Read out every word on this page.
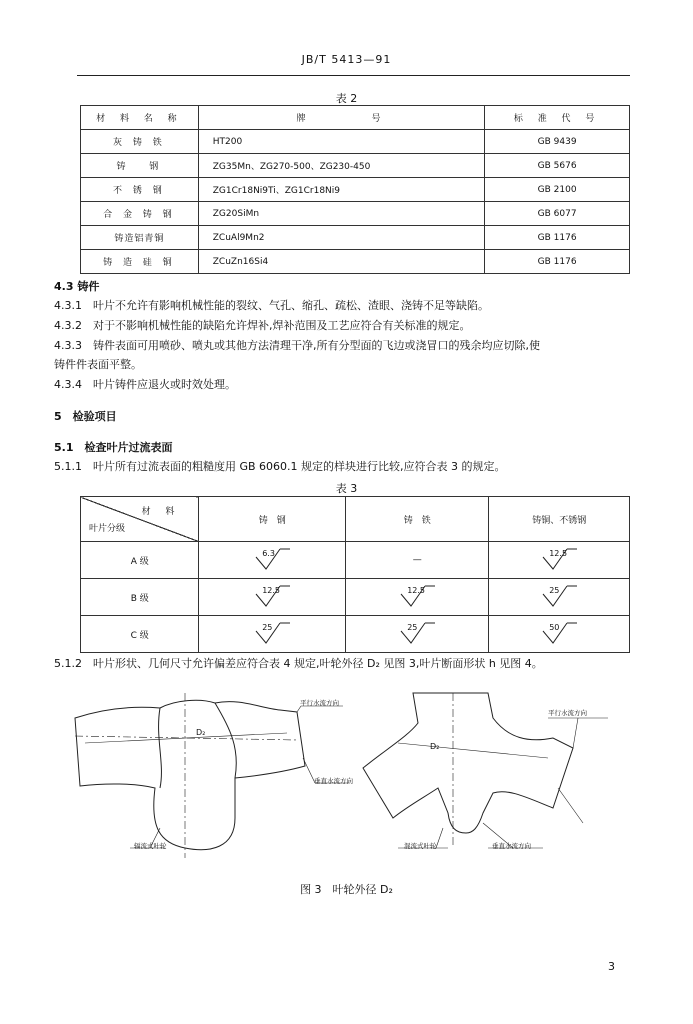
JB/T 5413—91
表 2
材 料 名 称	牌　　　　号	标 准 代 号
灰 铸 铁	HT200	GB 9439
铸　 钢	ZG35Mn、ZG270-500、ZG230-450	GB 5676
不 锈 钢	ZG1Cr18Ni9Ti、ZG1Cr18Ni9	GB 2100
合 金 铸 钢	ZG20SiMn	GB 6077
铸造铝青铜	ZCuAl9Mn2	GB 1176
铸 造 硅 铜	ZCuZn16Si4	GB 1176
4.3 铸件
4.3.1　叶片不允许有影响机械性能的裂纹、气孔、缩孔、疏松、渣眼、浇铸不足等缺陷。
4.3.2　对于不影响机械性能的缺陷允许焊补,焊补范围及工艺应符合有关标准的规定。
4.3.3　铸件表面可用喷砂、喷丸或其他方法清理干净,所有分型面的飞边或浇冒口的残余均应切除,使
铸件件表面平整。
4.3.4　叶片铸件应退火或时效处理。
5　检验项目
5.1　检查叶片过流表面
5.1.1　叶片所有过流表面的粗糙度用 GB 6060.1 规定的样块进行比较,应符合表 3 的规定。
表 3
材 料
叶片分级	铸　钢	铸　铁	铸铜、不锈钢
A 级	6.3	—	12.5

B 级	12.5	12.5	25

C 级	25	25	50
5.1.2　叶片形状、几何尺寸允许偏差应符合表 4 规定,叶轮外径 D₂ 见图 3,叶片断面形状 h 见图 4。
D₂
平行水流方向
垂直水流方向
辐流式叶轮
D₂
平行水流方向
垂直水流方向
混流式叶轮
图 3　叶轮外径 D₂
3
